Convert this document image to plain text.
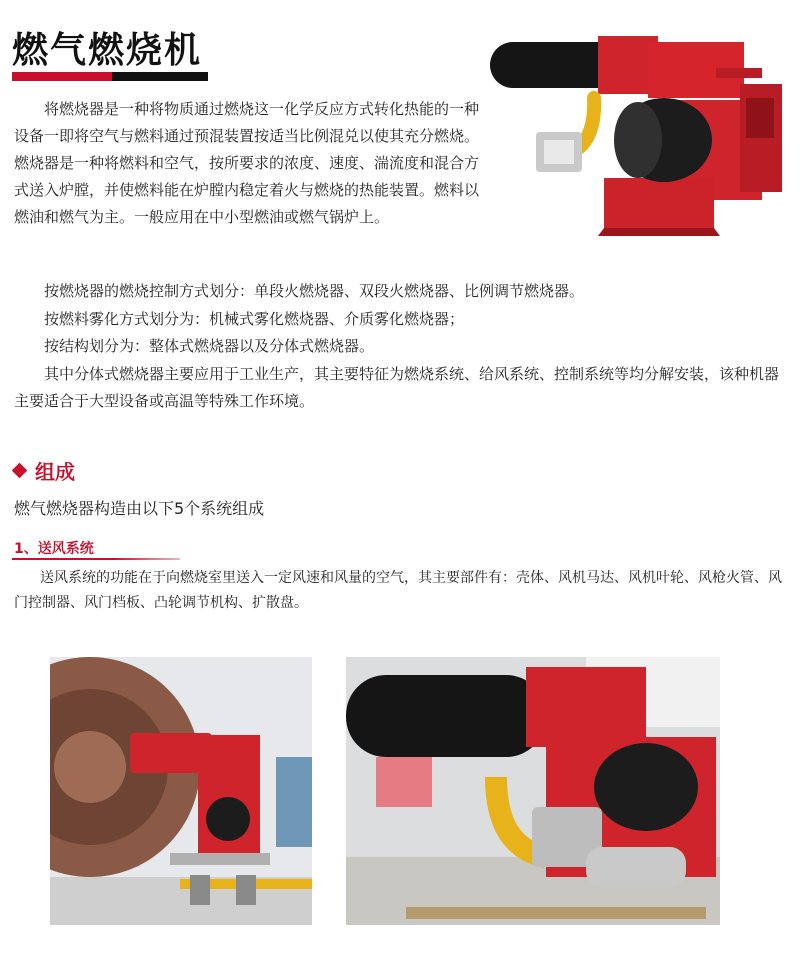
燃气燃烧机

将燃烧器是一种将物质通过燃烧这一化学反应方式转化热能的一种设备一即将空气与燃料通过预混装置按适当比例混兑以使其充分燃烧。燃烧器是一种将燃料和空气，按所要求的浓度、速度、湍流度和混合方式送入炉膛，并使燃料能在炉膛内稳定着火与燃烧的热能装置。燃料以燃油和燃气为主。一般应用在中小型燃油或燃气锅炉上。

按燃烧器的燃烧控制方式划分：单段火燃烧器、双段火燃烧器、比例调节燃烧器。
按燃料雾化方式划分为：机械式雾化燃烧器、介质雾化燃烧器；
按结构划分为：整体式燃烧器以及分体式燃烧器。
其中分体式燃烧器主要应用于工业生产，其主要特征为燃烧系统、给风系统、控制系统等均分解安装，该种机器主要适合于大型设备或高温等特殊工作环境。
组成
燃气燃烧器构造由以下5个系统组成
1、送风系统

送风系统的功能在于向燃烧室里送入一定风速和风量的空气，其主要部件有：壳体、风机马达、风机叶轮、风枪火管、风门控制器、风门档板、凸轮调节机构、扩散盘。
